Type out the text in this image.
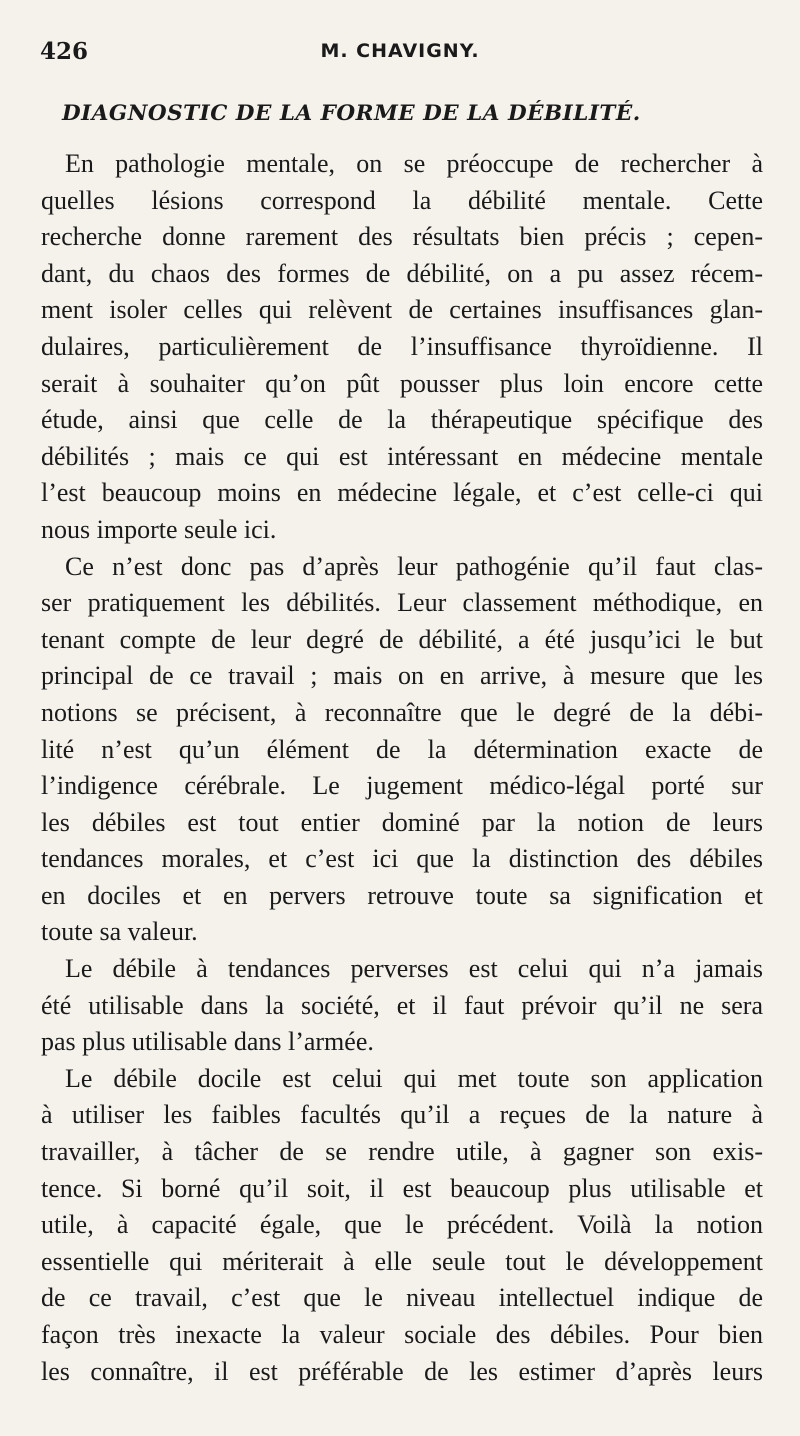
426	M. CHAVIGNY.
DIAGNOSTIC DE LA FORME DE LA DÉBILITÉ.

En pathologie mentale, on se préoccupe de rechercher à
quelles lésions correspond la débilité mentale. Cette
recherche donne rarement des résultats bien précis ; cepen-
dant, du chaos des formes de débilité, on a pu assez récem-
ment isoler celles qui relèvent de certaines insuffisances glan-
dulaires, particulièrement de l’insuffisance thyroïdienne. Il
serait à souhaiter qu’on pût pousser plus loin encore cette
étude, ainsi que celle de la thérapeutique spécifique des
débilités ; mais ce qui est intéressant en médecine mentale
l’est beaucoup moins en médecine légale, et c’est celle-ci qui
nous importe seule ici.

Ce n’est donc pas d’après leur pathogénie qu’il faut clas-
ser pratiquement les débilités. Leur classement méthodique, en
tenant compte de leur degré de débilité, a été jusqu’ici le but
principal de ce travail ; mais on en arrive, à mesure que les
notions se précisent, à reconnaître que le degré de la débi-
lité n’est qu’un élément de la détermination exacte de
l’indigence cérébrale. Le jugement médico-légal porté sur
les débiles est tout entier dominé par la notion de leurs
tendances morales, et c’est ici que la distinction des débiles
en dociles et en pervers retrouve toute sa signification et
toute sa valeur.

Le débile à tendances perverses est celui qui n’a jamais
été utilisable dans la société, et il faut prévoir qu’il ne sera
pas plus utilisable dans l’armée.

Le débile docile est celui qui met toute son application
à utiliser les faibles facultés qu’il a reçues de la nature à
travailler, à tâcher de se rendre utile, à gagner son exis-
tence. Si borné qu’il soit, il est beaucoup plus utilisable et
utile, à capacité égale, que le précédent. Voilà la notion
essentielle qui mériterait à elle seule tout le développement
de ce travail, c’est que le niveau intellectuel indique de
façon très inexacte la valeur sociale des débiles. Pour bien
les connaître, il est préférable de les estimer d’après leurs
